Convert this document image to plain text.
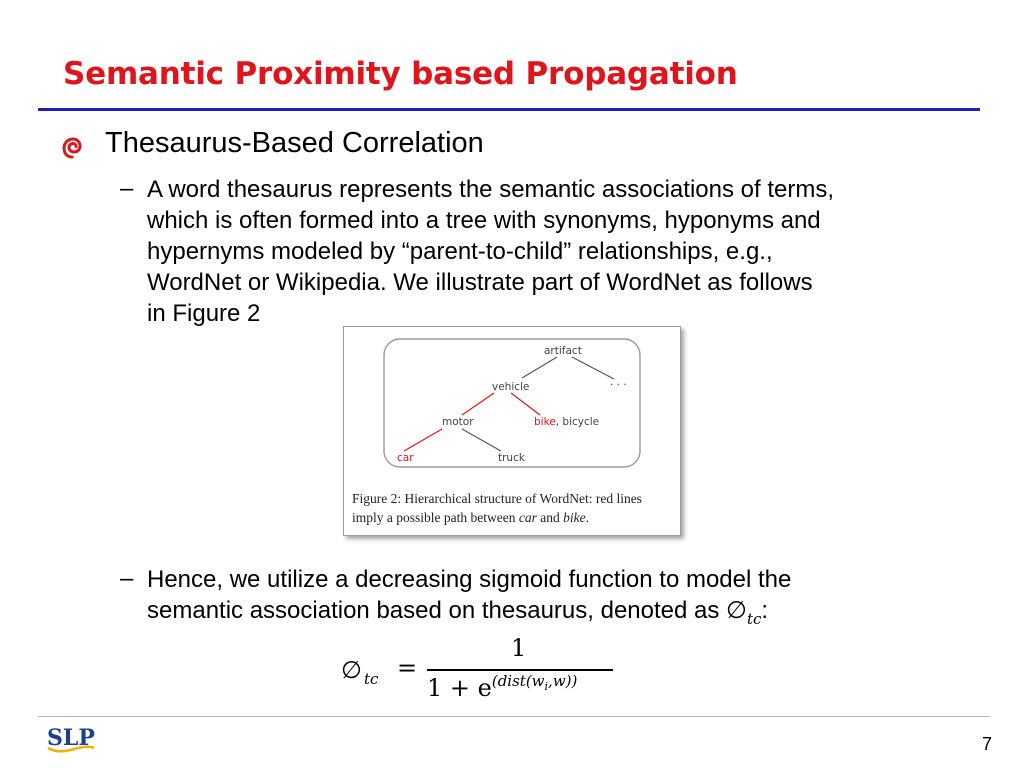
Semantic Proximity based Propagation
Thesaurus-Based Correlation
– A word thesaurus represents the semantic associations of terms,
which is often formed into a tree with synonyms, hyponyms and
hypernyms modeled by “parent-to-child” relationships, e.g.,
WordNet or Wikipedia. We illustrate part of WordNet as follows
in Figure 2
artifact
· · ·
vehicle
motor	bike, bicycle
car	truck
Figure 2: Hierarchical structure of WordNet: red lines imply a possible path between car and bike.
– Hence, we utilize a decreasing sigmoid function to model the
semantic association based on thesaurus, denoted as $\emptyset_{tc}$:
∅ tc =
1
$1 + e^{(dist(w_i,w))}$
SLP	7
